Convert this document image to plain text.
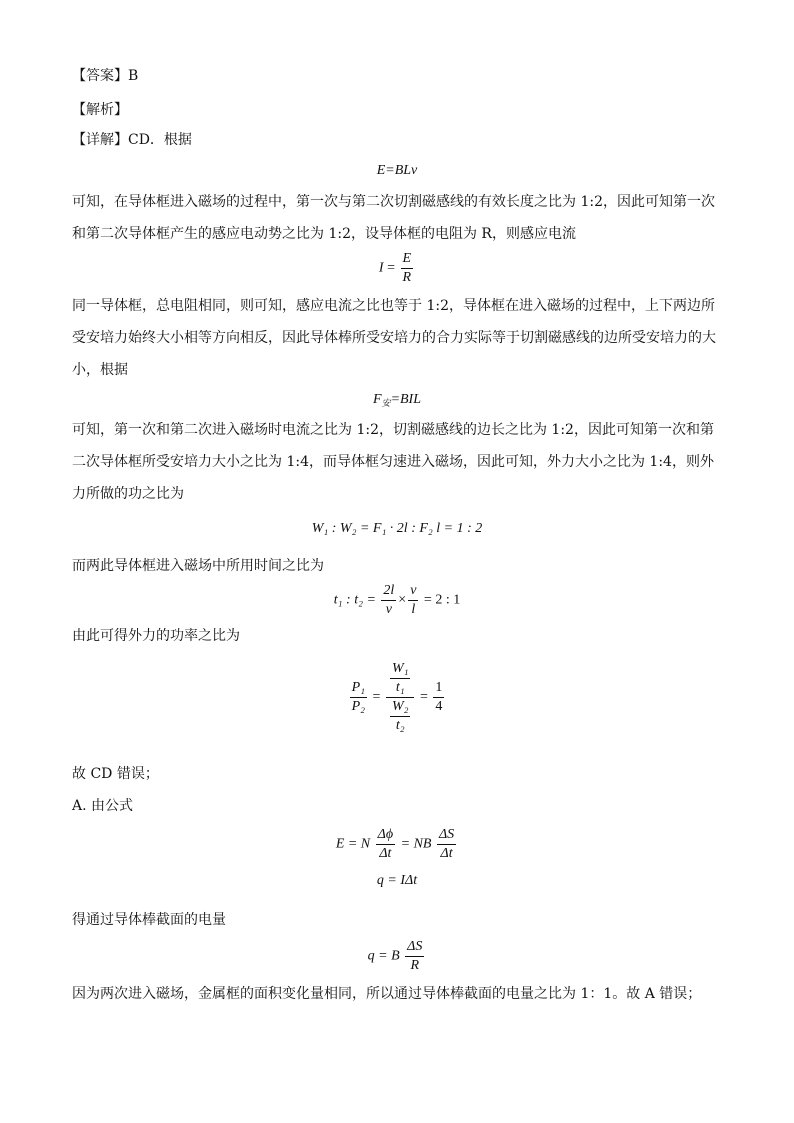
【答案】B
【解析】
【详解】CD．根据
E=BLv
可知，在导体框进入磁场的过程中，第一次与第二次切割磁感线的有效长度之比为 1:2，因此可知第一次和第二次导体框产生的感应电动势之比为 1:2，设导体框的电阻为 R，则感应电流
$I = \frac{E}{R}$
同一导体框，总电阻相同，则可知，感应电流之比也等于 1:2，导体框在进入磁场的过程中，上下两边所受安培力始终大小相等方向相反，因此导体棒所受安培力的合力实际等于切割磁感线的边所受安培力的大小，根据
$F_安=BIL$
可知，第一次和第二次进入磁场时电流之比为 1:2，切割磁感线的边长之比为 1:2，因此可知第一次和第二次导体框所受安培力大小之比为 1:4，而导体框匀速进入磁场，因此可知，外力大小之比为 1:4，则外力所做的功之比为
W₁ : W₂ = F₁ · 2l : F₂ l = 1 : 2
而两此导体框进入磁场中所用时间之比为
t₁ : $t_2 = \frac{2l}{v} \times \frac{v}{l} = 2$ : 1
由此可得外力的功率之比为
$\frac{\text{P₁}}{\text{P₂}} = \frac{\frac{\text{W₁}}{\text{t₁}}}{\frac{\text{W₂}}{\text{t₂}}} = \frac{1}{4}$
故 CD 错误；
A. 由公式
E = N $\frac{\Delta\phi}{\Delta t}$ = NB $\frac{\Delta S}{\Delta t}$
q = IΔt
得通过导体棒截面的电量
q = B $\frac{\Delta S}{R}$
因为两次进入磁场，金属框的面积变化量相同，所以通过导体棒截面的电量之比为 1：1。故 A 错误；
